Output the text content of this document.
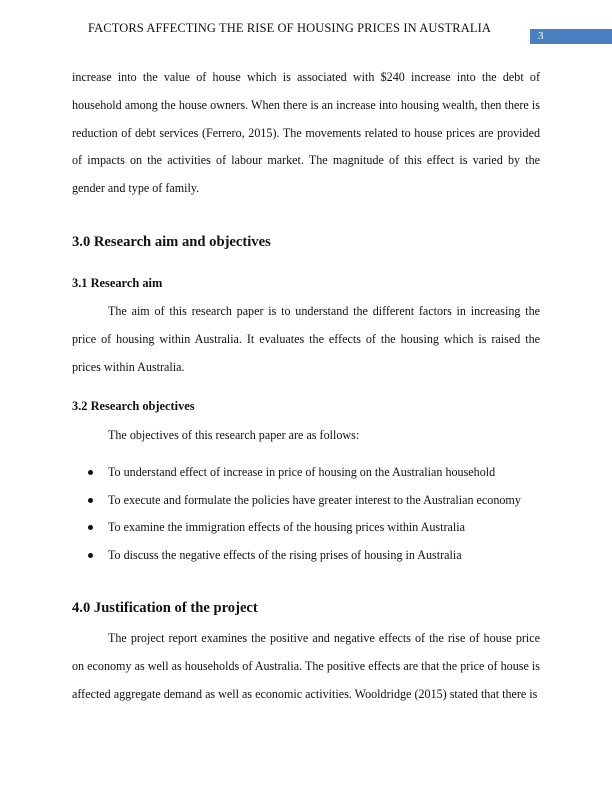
FACTORS AFFECTING THE RISE OF HOUSING PRICES IN AUSTRALIA
3

increase into the value of house which is associated with $240 increase into the debt of household among the house owners. When there is an increase into housing wealth, then there is reduction of debt services (Ferrero, 2015). The movements related to house prices are provided of impacts on the activities of labour market. The magnitude of this effect is varied by the gender and type of family.

3.0 Research aim and objectives
3.1 Research aim

The aim of this research paper is to understand the different factors in increasing the price of housing within Australia. It evaluates the effects of the housing which is raised the prices within Australia.

3.2 Research objectives

The objectives of this research paper are as follows:

To understand effect of increase in price of housing on the Australian household
To execute and formulate the policies have greater interest to the Australian economy
To examine the immigration effects of the housing prices within Australia
To discuss the negative effects of the rising prises of housing in Australia
4.0 Justification of the project

The project report examines the positive and negative effects of the rise of house price on economy as well as households of Australia. The positive effects are that the price of house is affected aggregate demand as well as economic activities. Wooldridge (2015) stated that there is
